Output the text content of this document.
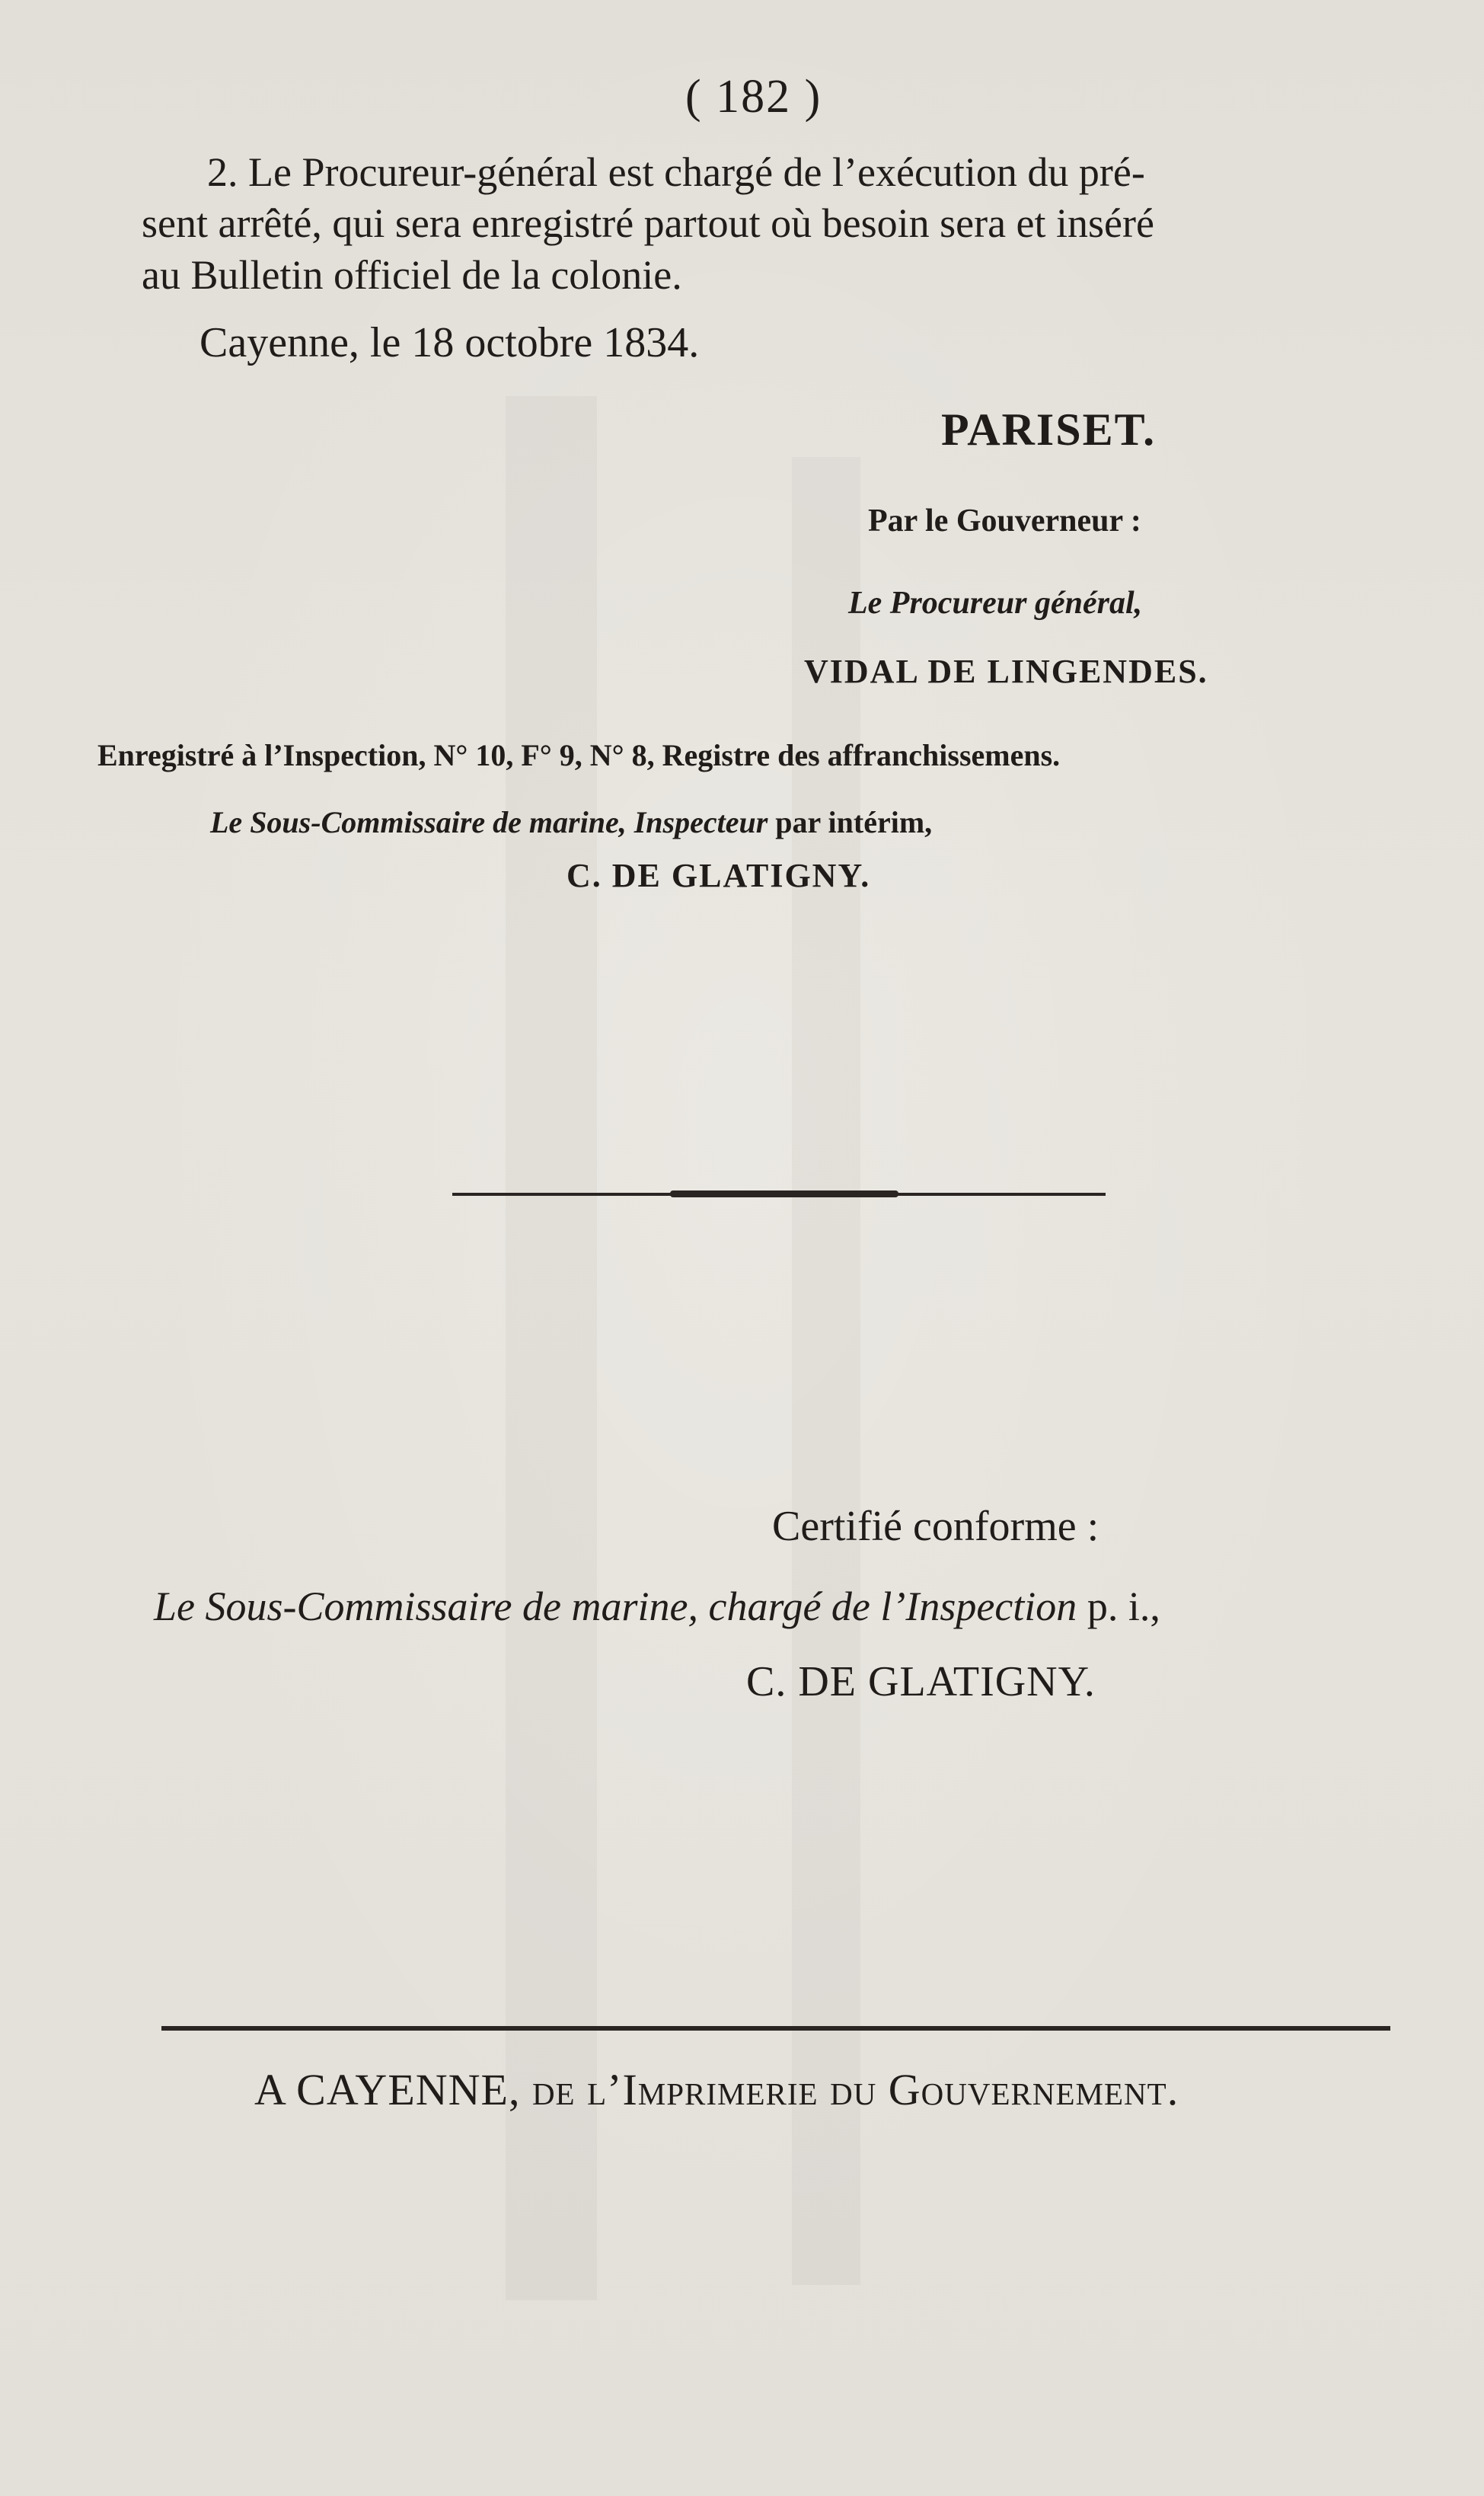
( 182 )

2. Le Procureur-général est chargé de l’exécution du pré-

sent arrêté, qui sera enregistré partout où besoin sera et inséré

au Bulletin officiel de la colonie.

Cayenne, le 18 octobre 1834.

PARISET.

Par le Gouverneur :

Le Procureur général,

VIDAL DE LINGENDES.

Enregistré à l’Inspection, N° 10, F° 9, N° 8, Registre des affranchissemens.

Le Sous-Commissaire de marine, Inspecteur par intérim,

C. DE GLATIGNY.

Certifié conforme :

Le Sous-Commissaire de marine, chargé de l’Inspection p. i.,

C. DE GLATIGNY.

A CAYENNE, de l’Imprimerie du Gouvernement.
